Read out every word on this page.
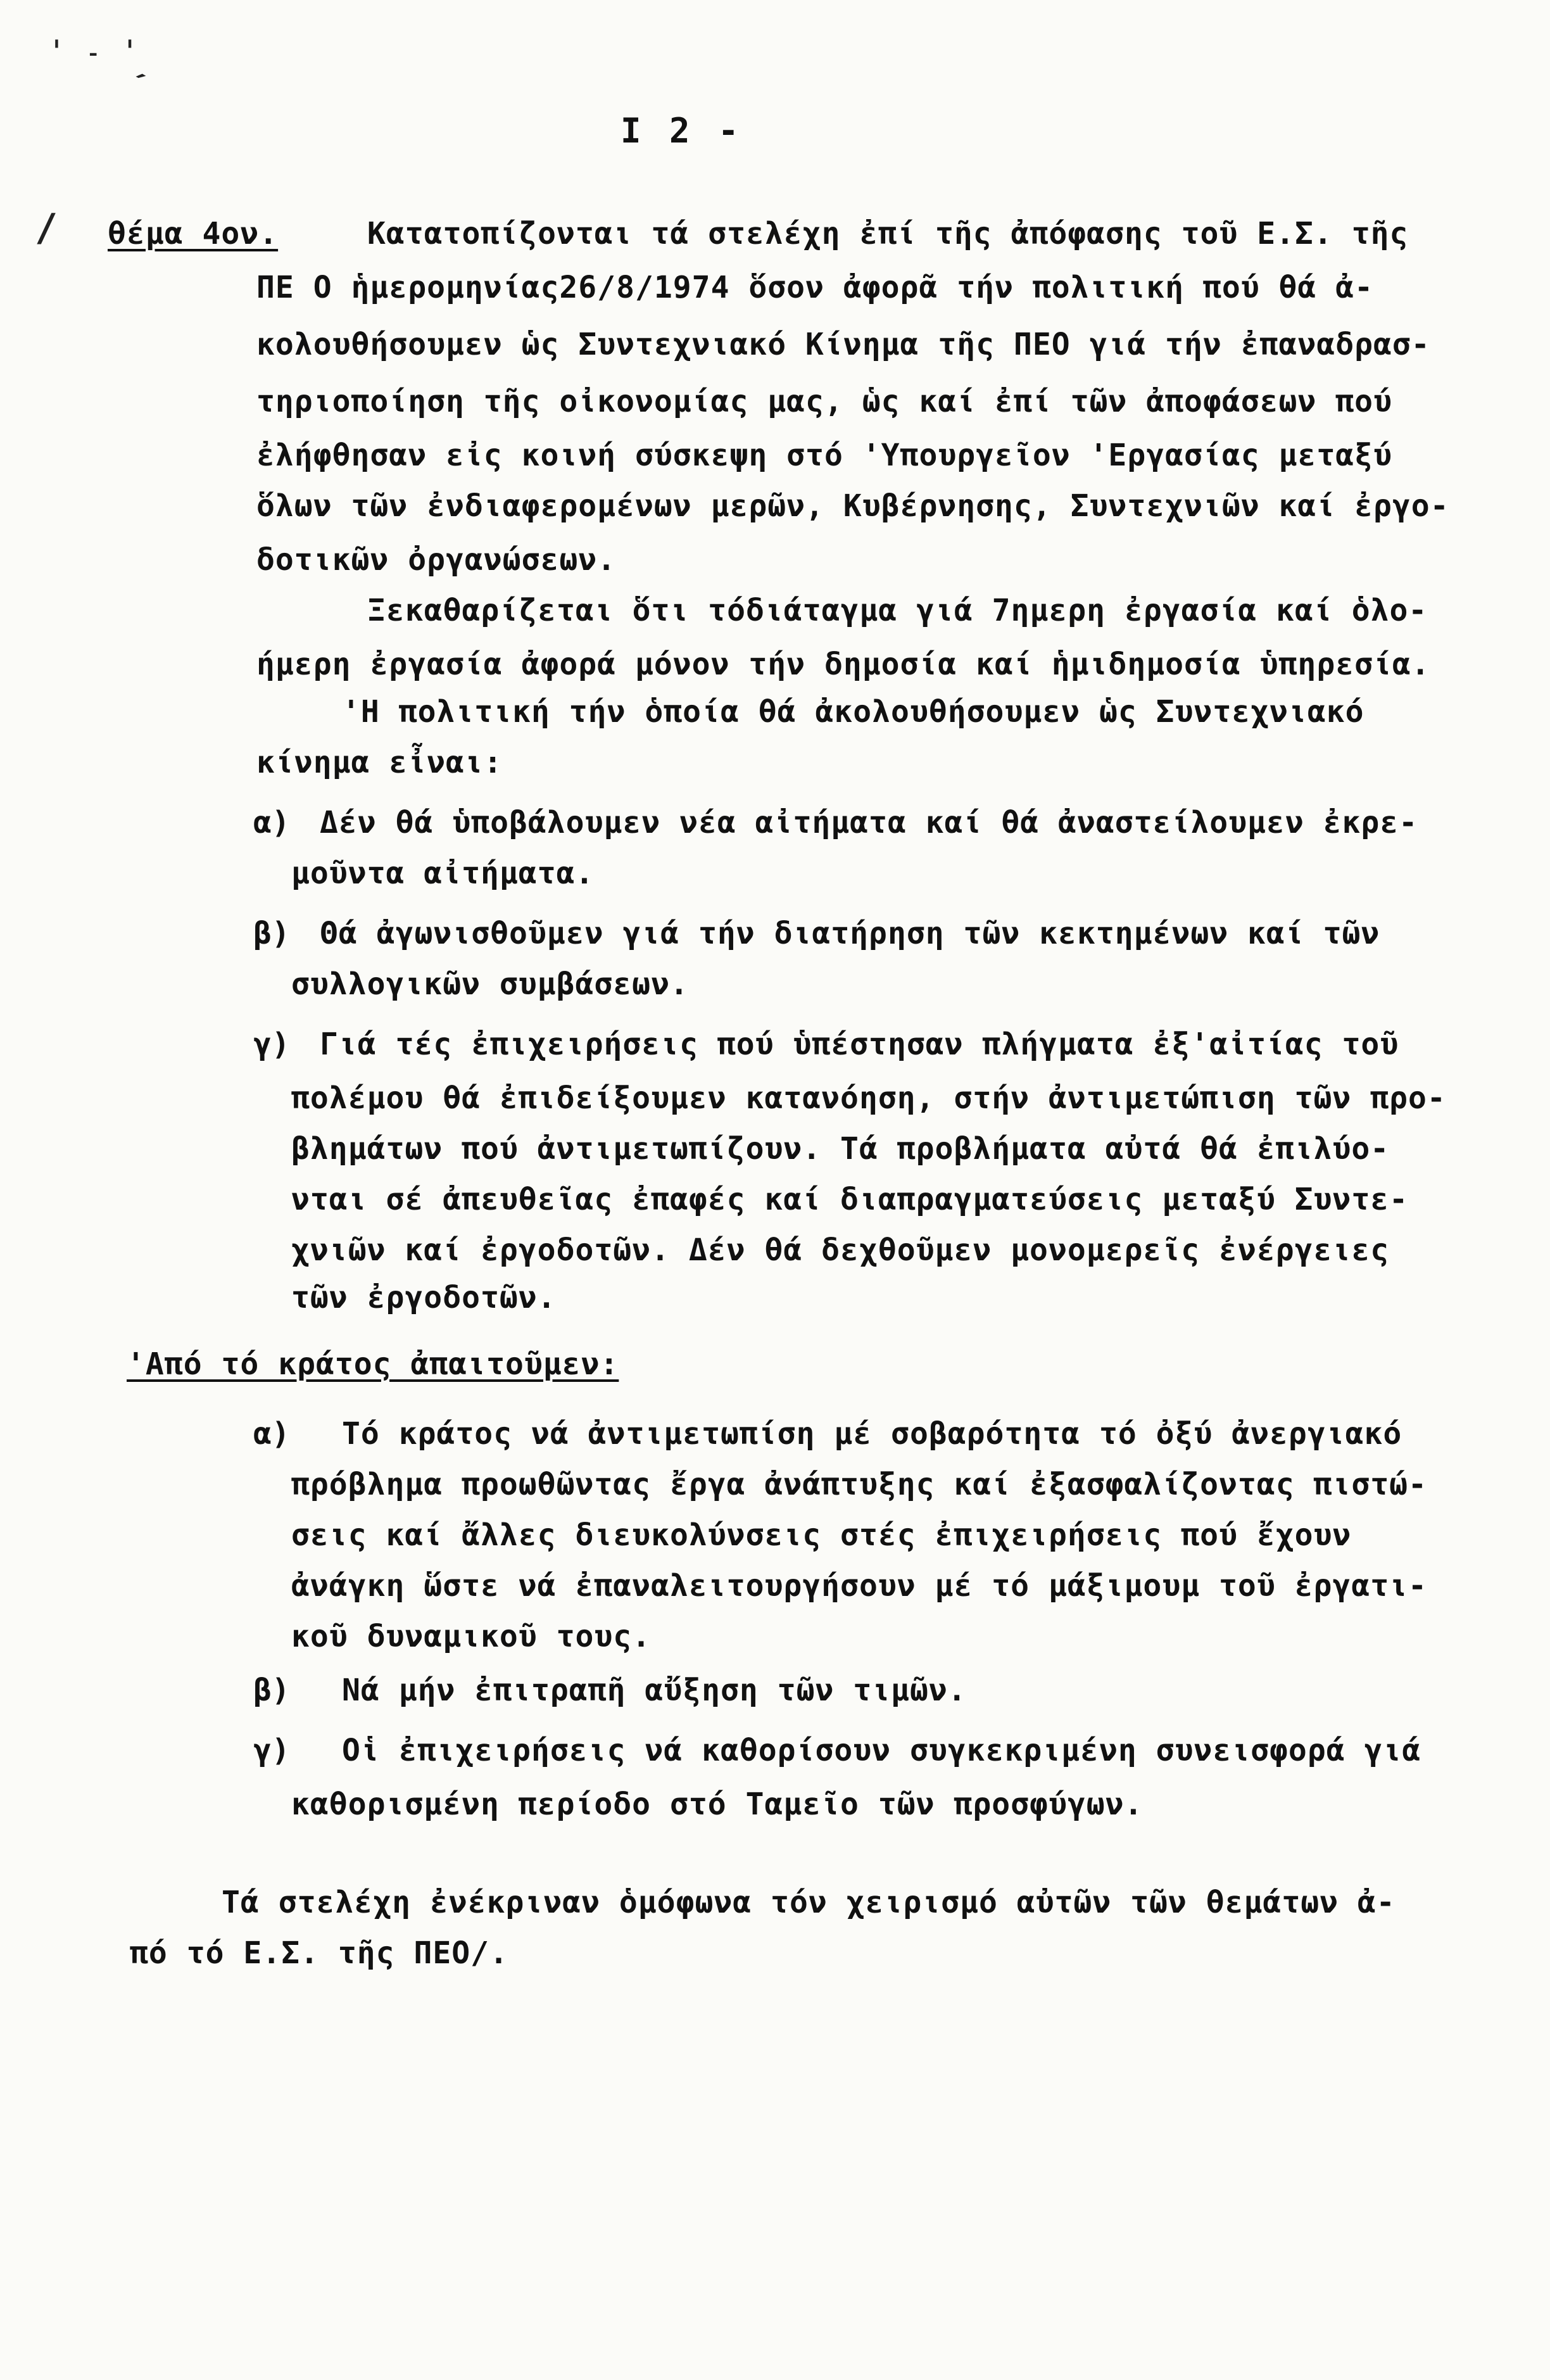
ˈ ˗ ˈ
ˏ
/
Ι 2 -
θέμα 4ον.	Κατατοπίζονται τά στελέχη ἐπί τῆς ἀπόφασης τοῦ Ε.Σ. τῆς
ΠΕ Ο ἡμερομηνίας26/8/1974 ὅσον ἀφορᾶ τήν πολιτική πού θά ἀ-
κολουθήσουμεν ὡς Συντεχνιακό Κίνημα τῆς ΠΕΟ γιά τήν ἐπαναδρασ-
τηριοποίηση τῆς οἰκονομίας μας, ὡς καί ἐπί τῶν ἀποφάσεων πού
ἐλήφθησαν εἰς κοινή σύσκεψη στό 'Υπουργεῖον 'Εργασίας μεταξύ
ὅλων τῶν ἐνδιαφερομένων μερῶν, Κυβέρνησης, Συντεχνιῶν καί ἐργο-
δοτικῶν ὀργανώσεων.
Ξεκαθαρίζεται ὅτι τόδιάταγμα γιά 7ημερη ἐργασία καί ὁλο-
ήμερη ἐργασία ἀφορά μόνον τήν δημοσία καί ἡμιδημοσία ὑπηρεσία.
'Η πολιτική τήν ὁποία θά ἀκολουθήσουμεν ὡς Συντεχνιακό
κίνημα εἶναι:
α) Δέν θά ὑποβάλουμεν νέα αἰτήματα καί θά ἀναστείλουμεν ἐκρε-
μοῦντα αἰτήματα.
β) Θά ἀγωνισθοῦμεν γιά τήν διατήρηση τῶν κεκτημένων καί τῶν
συλλογικῶν συμβάσεων.
γ) Γιά τές ἐπιχειρήσεις πού ὑπέστησαν πλήγματα ἐξ'αἰτίας τοῦ
πολέμου θά ἐπιδείξουμεν κατανόηση, στήν ἀντιμετώπιση τῶν προ-
βλημάτων πού ἀντιμετωπίζουν. Τά προβλήματα αὐτά θά ἐπιλύο-
νται σέ ἀπευθεῖας ἐπαφές καί διαπραγματεύσεις μεταξύ Συντε-
χνιῶν καί ἐργοδοτῶν. Δέν θά δεχθοῦμεν μονομερεῖς ἐνέργειες
τῶν ἐργοδοτῶν.
'Από τό κράτος ἀπαιτοῦμεν:
α) Τό κράτος νά ἀντιμετωπίση μέ σοβαρότητα τό ὀξύ ἀνεργιακό
πρόβλημα προωθῶντας ἔργα ἀνάπτυξης καί ἐξασφαλίζοντας πιστώ-
σεις καί ἄλλες διευκολύνσεις στές ἐπιχειρήσεις πού ἔχουν
ἀνάγκη ὥστε νά ἐπαναλειτουργήσουν μέ τό μάξιμουμ τοῦ ἐργατι-
κοῦ δυναμικοῦ τους.
β) Νά μήν ἐπιτραπῆ αὔξηση τῶν τιμῶν.
γ) Οἱ ἐπιχειρήσεις νά καθορίσουν συγκεκριμένη συνεισφορά γιά
καθορισμένη περίοδο στό Ταμεῖο τῶν προσφύγων.
Τά στελέχη ἐνέκριναν ὁμόφωνα τόν χειρισμό αὐτῶν τῶν θεμάτων ἀ-
πό τό Ε.Σ. τῆς ΠΕΟ/.
